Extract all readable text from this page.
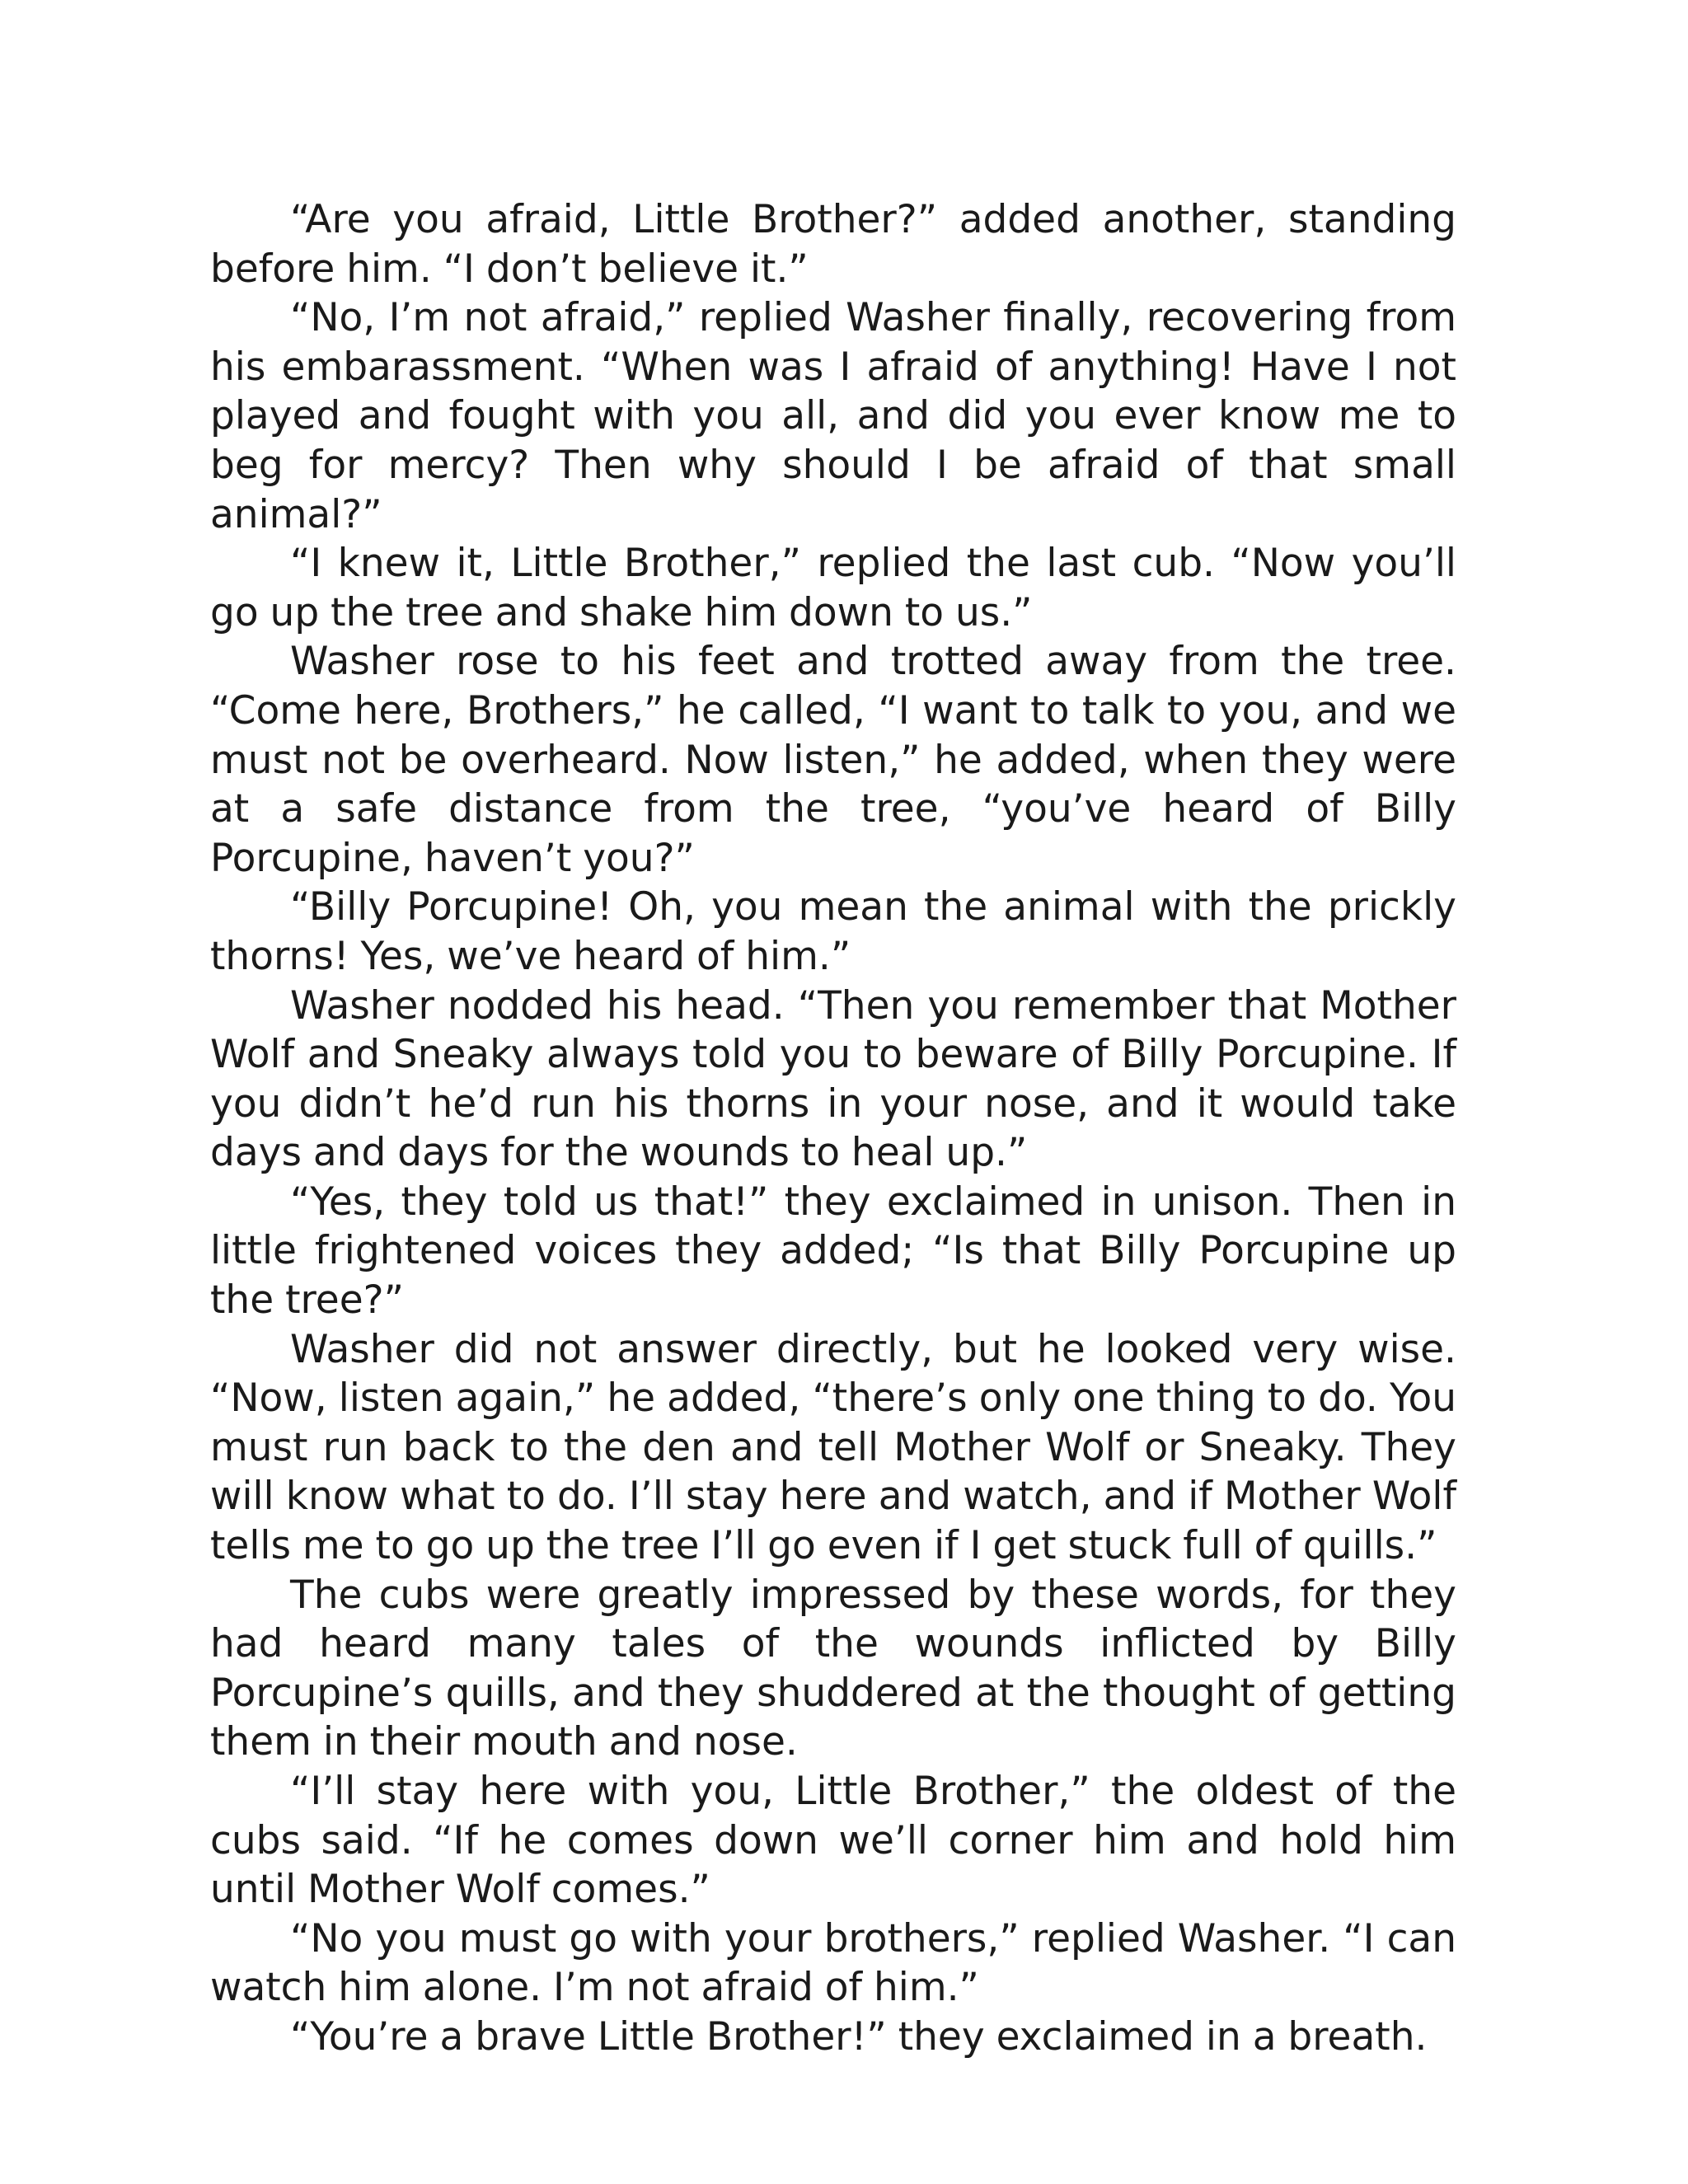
“Are you afraid, Little Brother?” added another, standing before him. “I don’t believe it.”

“No, I’m not afraid,” replied Washer finally, recovering from his embarassment. “When was I afraid of anything! Have I not played and fought with you all, and did you ever know me to beg for mercy? Then why should I be afraid of that small animal?”

“I knew it, Little Brother,” replied the last cub. “Now you’ll go up the tree and shake him down to us.”

Washer rose to his feet and trotted away from the tree. “Come here, Brothers,” he called, “I want to talk to you, and we must not be overheard. Now listen,” he added, when they were at a safe distance from the tree, “you’ve heard of Billy Porcupine, haven’t you?”

“Billy Porcupine! Oh, you mean the animal with the prickly thorns! Yes, we’ve heard of him.”

Washer nodded his head. “Then you remember that Mother Wolf and Sneaky always told you to beware of Billy Porcupine. If you didn’t he’d run his thorns in your nose, and it would take days and days for the wounds to heal up.”

“Yes, they told us that!” they exclaimed in unison. Then in little frightened voices they added; “Is that Billy Porcupine up the tree?”

Washer did not answer directly, but he looked very wise. “Now, listen again,” he added, “there’s only one thing to do. You must run back to the den and tell Mother Wolf or Sneaky. They will know what to do. I’ll stay here and watch, and if Mother Wolf tells me to go up the tree I’ll go even if I get stuck full of quills.”

The cubs were greatly impressed by these words, for they had heard many tales of the wounds inflicted by Billy Porcupine’s quills, and they shuddered at the thought of getting them in their mouth and nose.

“I’ll stay here with you, Little Brother,” the oldest of the cubs said. “If he comes down we’ll corner him and hold him until Mother Wolf comes.”

“No you must go with your brothers,” replied Washer. “I can watch him alone. I’m not afraid of him.”

“You’re a brave Little Brother!” they exclaimed in a breath.
